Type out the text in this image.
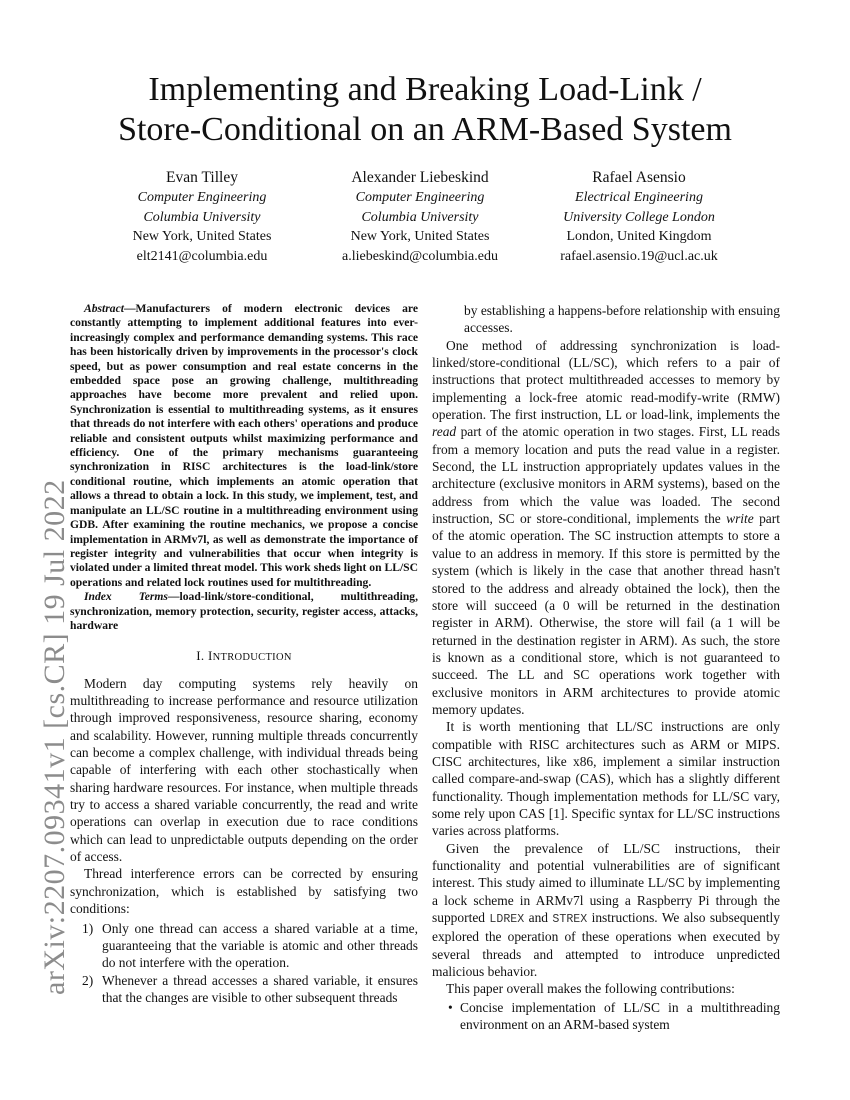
arXiv:2207.09341v1 [cs.CR] 19 Jul 2022
Implementing and Breaking Load-Link /
Store-Conditional on an ARM-Based System
Evan Tilley
Computer Engineering
Columbia University
New York, United States
elt2141@columbia.edu
Alexander Liebeskind
Computer Engineering
Columbia University
New York, United States
a.liebeskind@columbia.edu
Rafael Asensio
Electrical Engineering
University College London
London, United Kingdom
rafael.asensio.19@ucl.ac.uk

Abstract—Manufacturers of modern electronic devices are constantly attempting to implement additional features into ever-increasingly complex and performance demanding systems. This race has been historically driven by improvements in the processor's clock speed, but as power consumption and real estate concerns in the embedded space pose an growing challenge, multithreading approaches have become more prevalent and relied upon. Synchronization is essential to multithreading systems, as it ensures that threads do not interfere with each others' operations and produce reliable and consistent outputs whilst maximizing performance and efficiency. One of the primary mechanisms guaranteeing synchronization in RISC architectures is the load-link/store conditional routine, which implements an atomic operation that allows a thread to obtain a lock. In this study, we implement, test, and manipulate an LL/SC routine in a multithreading environment using GDB. After examining the routine mechanics, we propose a concise implementation in ARMv7l, as well as demonstrate the importance of register integrity and vulnerabilities that occur when integrity is violated under a limited threat model. This work sheds light on LL/SC operations and related lock routines used for multithreading.

Index Terms—load-link/store-conditional, multithreading, synchronization, memory protection, security, register access, attacks, hardware

I. INTRODUCTION

Modern day computing systems rely heavily on multithreading to increase performance and resource utilization through improved responsiveness, resource sharing, economy and scalability. However, running multiple threads concurrently can become a complex challenge, with individual threads being capable of interfering with each other stochastically when sharing hardware resources. For instance, when multiple threads try to access a shared variable concurrently, the read and write operations can overlap in execution due to race conditions which can lead to unpredictable outputs depending on the order of access.

Thread interference errors can be corrected by ensuring synchronization, which is established by satisfying two conditions:

1) Only one thread can access a shared variable at a time, guaranteeing that the variable is atomic and other threads do not interfere with the operation.
2) Whenever a thread accesses a shared variable, it ensures that the changes are visible to other subsequent threads

by establishing a happens-before relationship with ensuing accesses.

One method of addressing synchronization is load-linked/store-conditional (LL/SC), which refers to a pair of instructions that protect multithreaded accesses to memory by implementing a lock-free atomic read-modify-write (RMW) operation. The first instruction, LL or load-link, implements the read part of the atomic operation in two stages. First, LL reads from a memory location and puts the read value in a register. Second, the LL instruction appropriately updates values in the architecture (exclusive monitors in ARM systems), based on the address from which the value was loaded. The second instruction, SC or store-conditional, implements the write part of the atomic operation. The SC instruction attempts to store a value to an address in memory. If this store is permitted by the system (which is likely in the case that another thread hasn't stored to the address and already obtained the lock), then the store will succeed (a 0 will be returned in the destination register in ARM). Otherwise, the store will fail (a 1 will be returned in the destination register in ARM). As such, the store is known as a conditional store, which is not guaranteed to succeed. The LL and SC operations work together with exclusive monitors in ARM architectures to provide atomic memory updates.

It is worth mentioning that LL/SC instructions are only compatible with RISC architectures such as ARM or MIPS. CISC architectures, like x86, implement a similar instruction called compare-and-swap (CAS), which has a slightly different functionality. Though implementation methods for LL/SC vary, some rely upon CAS [1]. Specific syntax for LL/SC instructions varies across platforms.

Given the prevalence of LL/SC instructions, their functionality and potential vulnerabilities are of significant interest. This study aimed to illuminate LL/SC by implementing a lock scheme in ARMv7l using a Raspberry Pi through the supported LDREX and STREX instructions. We also subsequently explored the operation of these operations when executed by several threads and attempted to introduce unpredicted malicious behavior.

This paper overall makes the following contributions:

• Concise implementation of LL/SC in a multithreading environment on an ARM-based system
